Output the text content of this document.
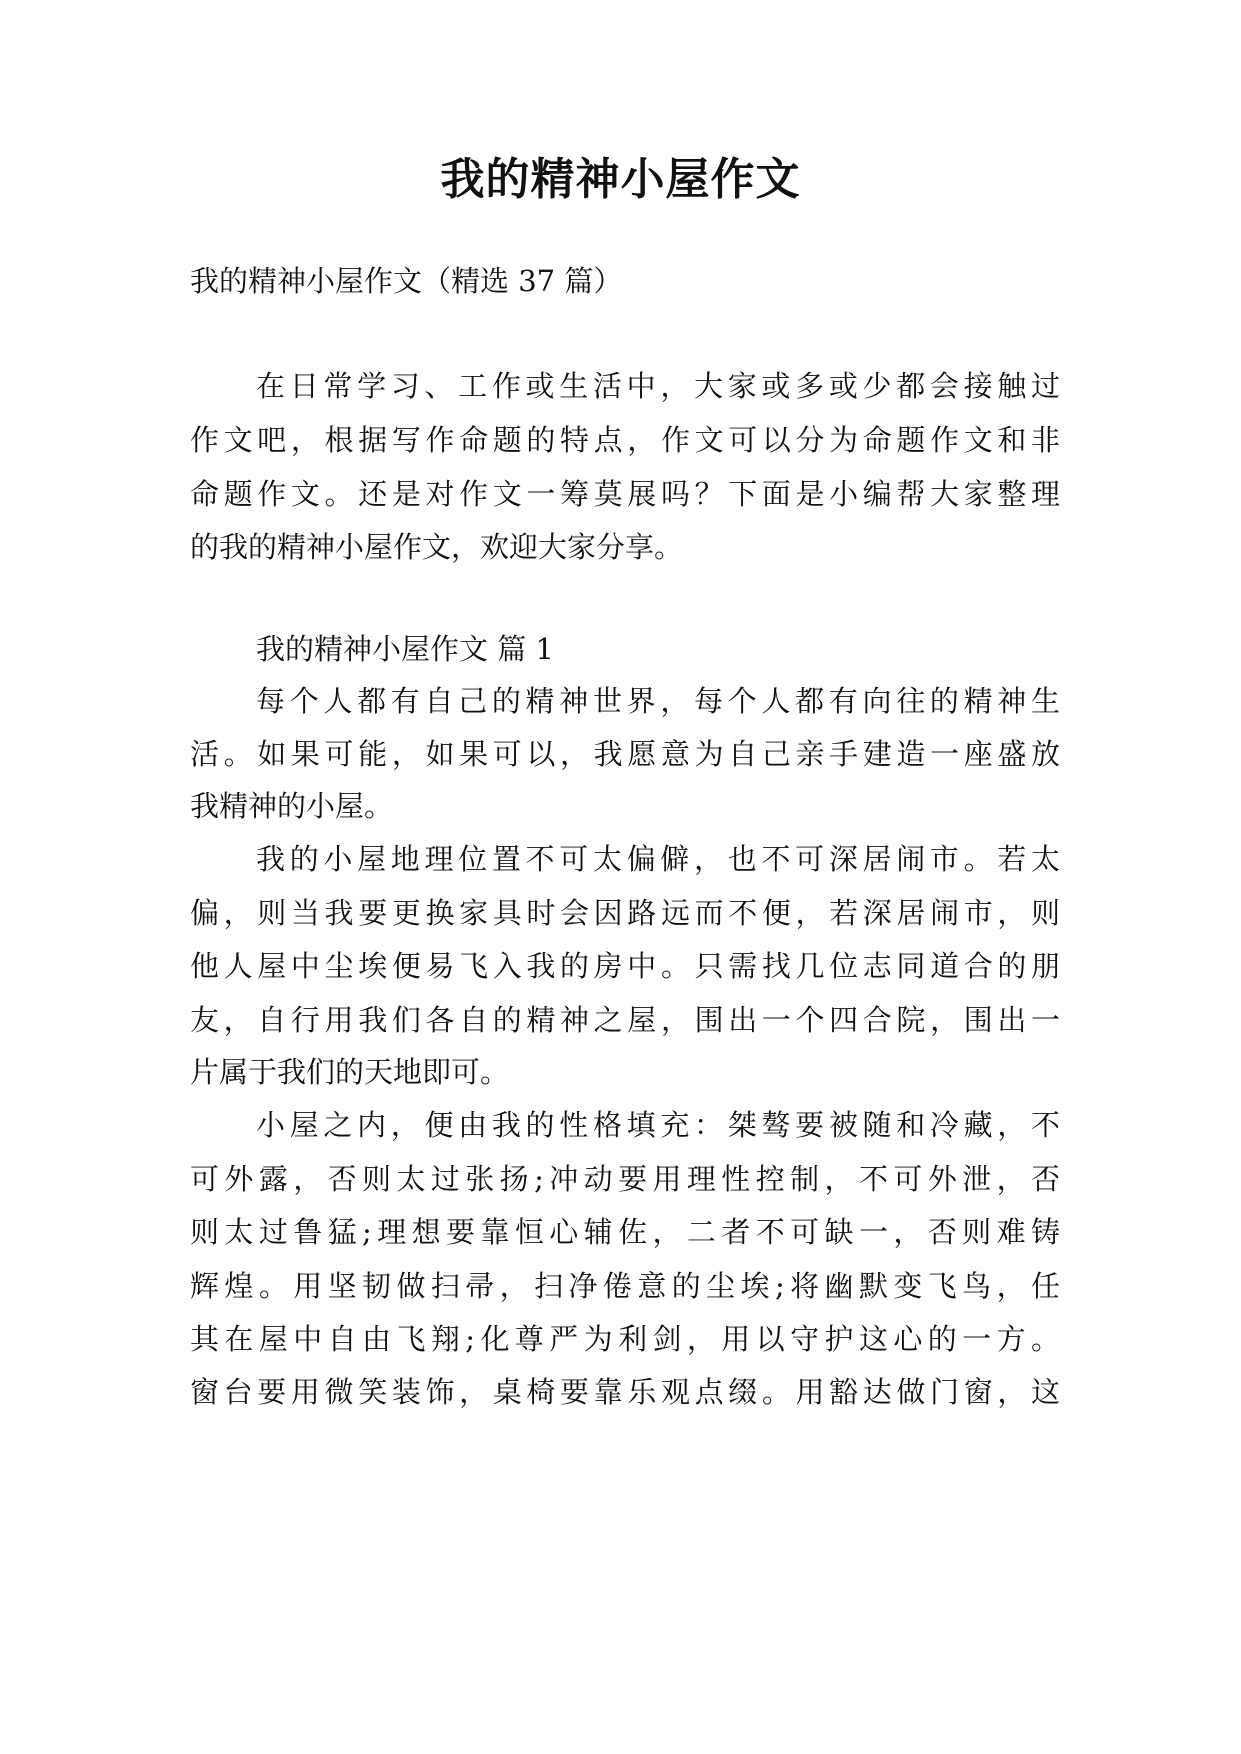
我的精神小屋作文
我的精神小屋作文（精选 37 篇）
在日常学习、工作或生活中，大家或多或少都会接触过
作文吧，根据写作命题的特点，作文可以分为命题作文和非
命题作文。还是对作文一筹莫展吗？下面是小编帮大家整理
的我的精神小屋作文，欢迎大家分享。
我的精神小屋作文 篇 1
每个人都有自己的精神世界，每个人都有向往的精神生
活。如果可能，如果可以，我愿意为自己亲手建造一座盛放
我精神的小屋。
我的小屋地理位置不可太偏僻，也不可深居闹市。若太
偏，则当我要更换家具时会因路远而不便，若深居闹市，则
他人屋中尘埃便易飞入我的房中。只需找几位志同道合的朋
友，自行用我们各自的精神之屋，围出一个四合院，围出一
片属于我们的天地即可。
小屋之内，便由我的性格填充：桀骜要被随和冷藏，不
可外露，否则太过张扬;冲动要用理性控制，不可外泄，否
则太过鲁猛;理想要靠恒心辅佐，二者不可缺一，否则难铸
辉煌。用坚韧做扫帚，扫净倦意的尘埃;将幽默变飞鸟，任
其在屋中自由飞翔;化尊严为利剑，用以守护这心的一方。
窗台要用微笑装饰，桌椅要靠乐观点缀。用豁达做门窗，这
